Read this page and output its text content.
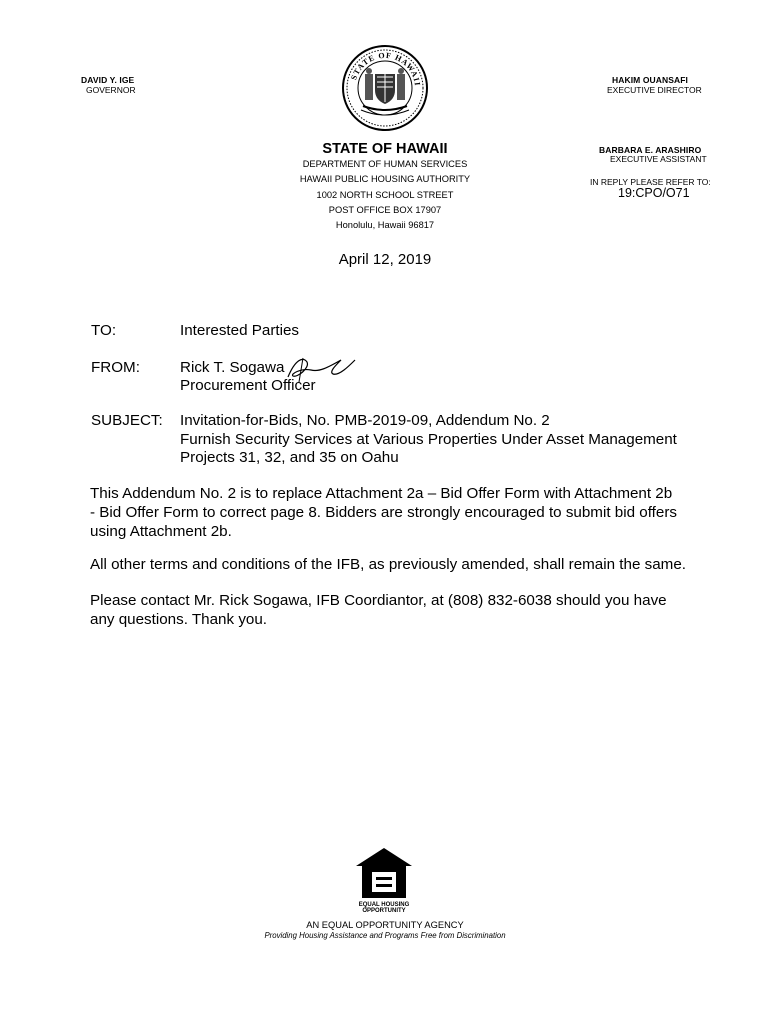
DAVID Y. IGE
GOVERNOR
HAKIM OUANSAFI
EXECUTIVE DIRECTOR
STATE OF HAWAII
STATE OF HAWAII
DEPARTMENT OF HUMAN SERVICES
HAWAII PUBLIC HOUSING AUTHORITY
1002 NORTH SCHOOL STREET
POST OFFICE BOX 17907
Honolulu, Hawaii 96817
BARBARA E. ARASHIRO
EXECUTIVE ASSISTANT
IN REPLY PLEASE REFER TO:
19:CPO/O71
April 12, 2019
TO:	Interested Parties
FROM:	Rick T. Sogawa
Procurement Officer
SUBJECT: Invitation-for-Bids, No. PMB-2019-09, Addendum No. 2
Furnish Security Services at Various Properties Under Asset Management
Projects 31, 32, and 35 on Oahu
This Addendum No. 2 is to replace Attachment 2a – Bid Offer Form with Attachment 2b
- Bid Offer Form to correct page 8. Bidders are strongly encouraged to submit bid offers
using Attachment 2b.
All other terms and conditions of the IFB, as previously amended, shall remain the same.
Please contact Mr. Rick Sogawa, IFB Coordiantor, at (808) 832-6038 should you have
any questions. Thank you.
EQUAL HOUSING
OPPORTUNITY
AN EQUAL OPPORTUNITY AGENCY
Providing Housing Assistance and Programs Free from Discrimination
